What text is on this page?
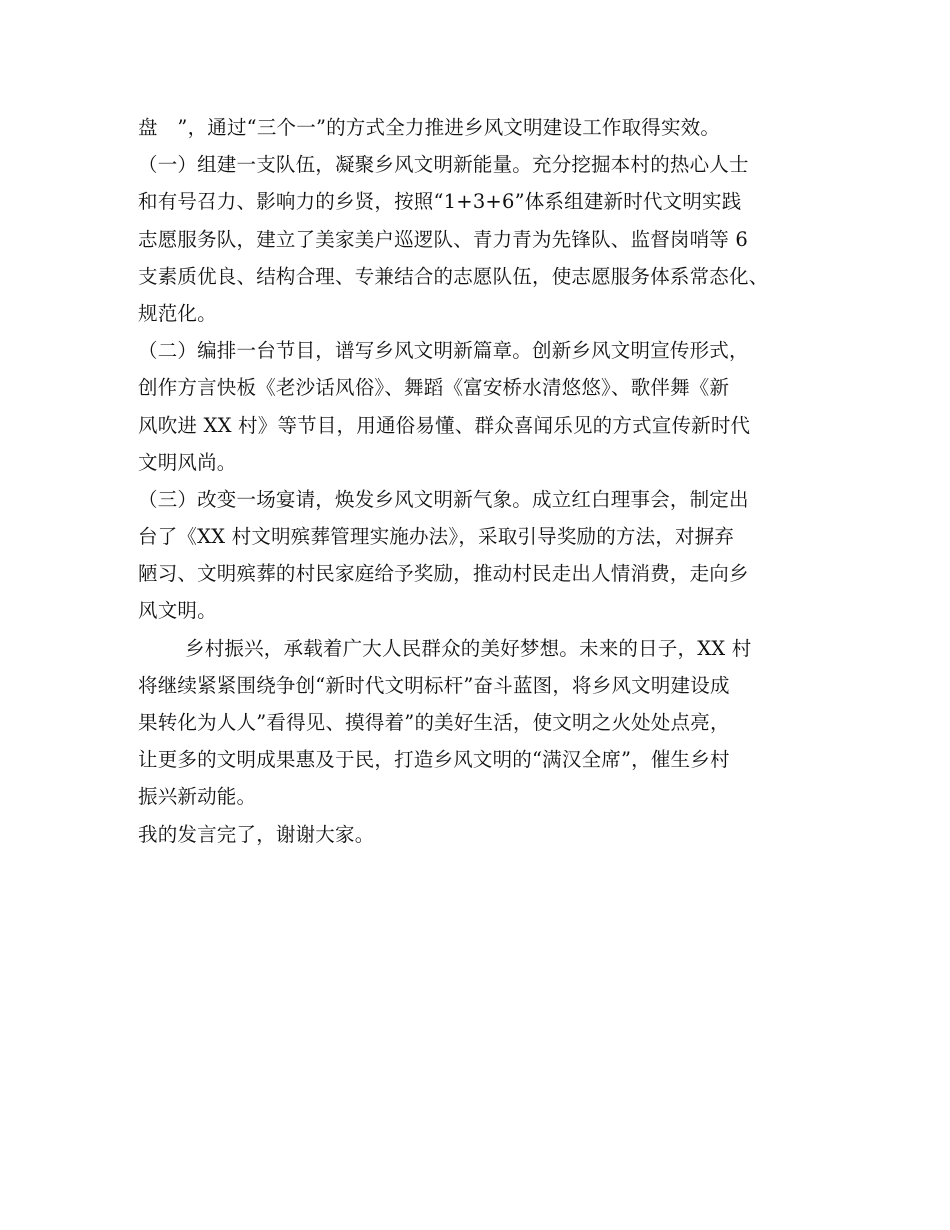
盘　”，通过“三个一”的方式全力推进乡风文明建设工作取得实效。
（一）组建一支队伍，凝聚乡风文明新能量。充分挖掘本村的热心人士
和有号召力、影响力的乡贤，按照“1+3+6”体系组建新时代文明实践
志愿服务队，建立了美家美户巡逻队、青力青为先锋队、监督岗哨等 6
支素质优良、结构合理、专兼结合的志愿队伍，使志愿服务体系常态化、
规范化。
（二）编排一台节目，谱写乡风文明新篇章。创新乡风文明宣传形式，
创作方言快板《老沙话风俗》、舞蹈《富安桥水清悠悠》、歌伴舞《新
风吹进 XX 村》等节目，用通俗易懂、群众喜闻乐见的方式宣传新时代
文明风尚。
（三）改变一场宴请，焕发乡风文明新气象。成立红白理事会，制定出
台了《XX 村文明殡葬管理实施办法》，采取引导奖励的方法，对摒弃
陋习、文明殡葬的村民家庭给予奖励，推动村民走出人情消费，走向乡
风文明。
乡村振兴，承载着广大人民群众的美好梦想。未来的日子，XX 村
将继续紧紧围绕争创“新时代文明标杆”奋斗蓝图，将乡风文明建设成
果转化为人人”看得见、摸得着”的美好生活，使文明之火处处点亮，
让更多的文明成果惠及于民，打造乡风文明的“满汉全席”，催生乡村
振兴新动能。
我的发言完了，谢谢大家。
